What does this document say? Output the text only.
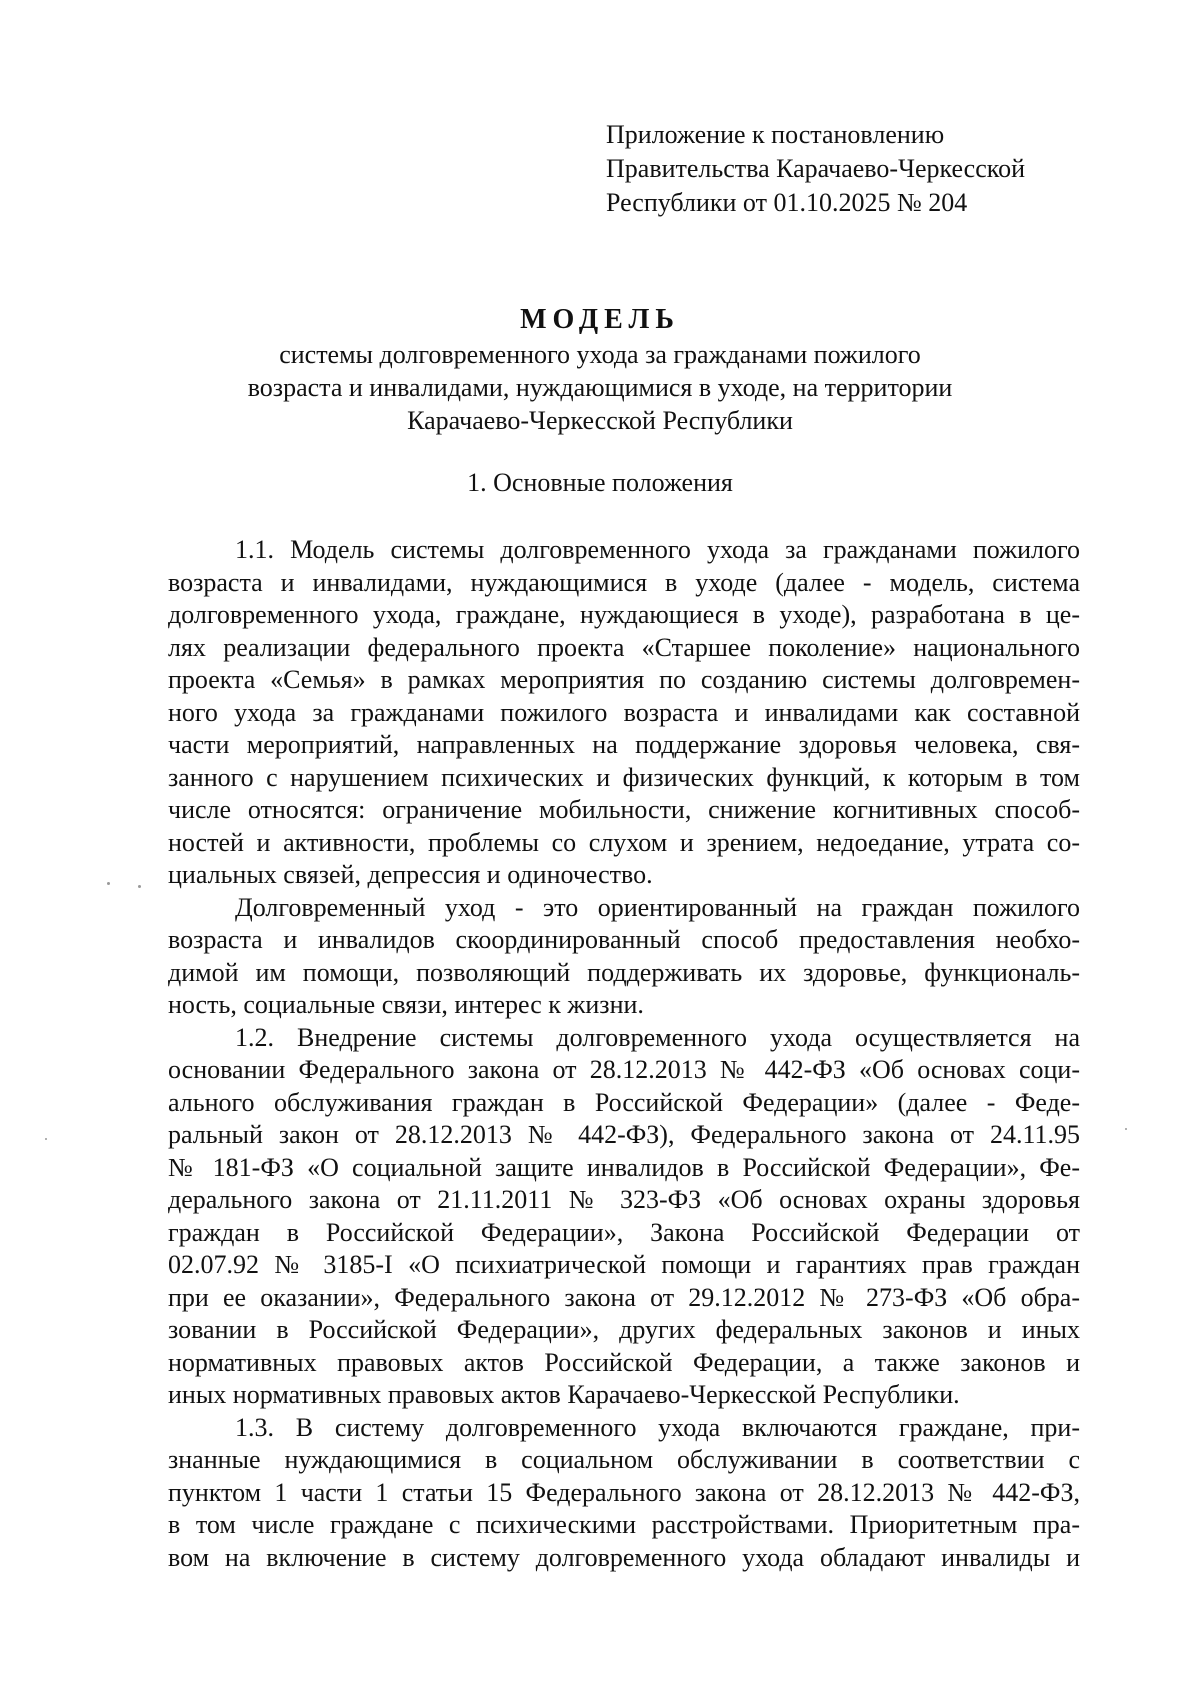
Приложение к постановлению
Правительства Карачаево-Черкесской
Республики от 01.10.2025 № 204
МОДЕЛЬ
системы долговременного ухода за гражданами пожилого
возраста и инвалидами, нуждающимися в уходе, на территории
Карачаево-Черкесской Республики
1. Основные положения
1.1. Модель системы долговременного ухода за гражданами пожилого
возраста и инвалидами, нуждающимися в уходе (далее - модель, система
долговременного ухода, граждане, нуждающиеся в уходе), разработана в це-
лях реализации федерального проекта «Старшее поколение» национального
проекта «Семья» в рамках мероприятия по созданию системы долговремен-
ного ухода за гражданами пожилого возраста и инвалидами как составной
части мероприятий, направленных на поддержание здоровья человека, свя-
занного с нарушением психических и физических функций, к которым в том
числе относятся: ограничение мобильности, снижение когнитивных способ-
ностей и активности, проблемы со слухом и зрением, недоедание, утрата со-
циальных связей, депрессия и одиночество.
Долговременный уход - это ориентированный на граждан пожилого
возраста и инвалидов скоординированный способ предоставления необхо-
димой им помощи, позволяющий поддерживать их здоровье, функциональ-
ность, социальные связи, интерес к жизни.
1.2. Внедрение системы долговременного ухода осуществляется на
основании Федерального закона от 28.12.2013 № 442-ФЗ «Об основах соци-
ального обслуживания граждан в Российской Федерации» (далее - Феде-
ральный закон от 28.12.2013 № 442-ФЗ), Федерального закона от 24.11.95
№ 181-ФЗ «О социальной защите инвалидов в Российской Федерации», Фе-
дерального закона от 21.11.2011 № 323-ФЗ «Об основах охраны здоровья
граждан в Российской Федерации», Закона Российской Федерации от
02.07.92 № 3185-I «О психиатрической помощи и гарантиях прав граждан
при ее оказании», Федерального закона от 29.12.2012 № 273-ФЗ «Об обра-
зовании в Российской Федерации», других федеральных законов и иных
нормативных правовых актов Российской Федерации, а также законов и
иных нормативных правовых актов Карачаево-Черкесской Республики.
1.3. В систему долговременного ухода включаются граждане, при-
знанные нуждающимися в социальном обслуживании в соответствии с
пунктом 1 части 1 статьи 15 Федерального закона от 28.12.2013 № 442-ФЗ,
в том числе граждане с психическими расстройствами. Приоритетным пра-
вом на включение в систему долговременного ухода обладают инвалиды и
